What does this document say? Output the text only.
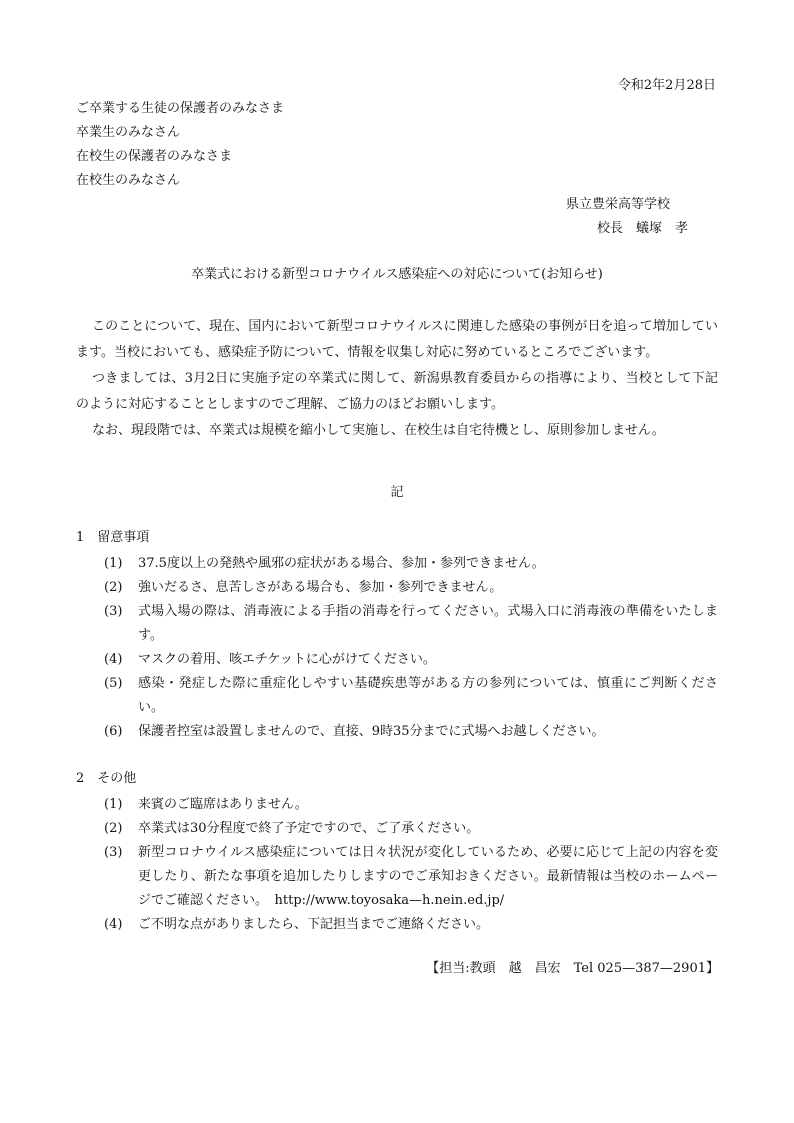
令和2年2月28日
ご卒業する生徒の保護者のみなさま
卒業生のみなさん
在校生の保護者のみなさま
在校生のみなさん
県立豊栄高等学校
校長　蟻塚　孝
卒業式における新型コロナウイルス感染症への対応について(お知らせ)
このことについて、現在、国内において新型コロナウイルスに関連した感染の事例が日を追って増加しています。当校においても、感染症予防について、情報を収集し対応に努めているところでございます。
つきましては、3月2日に実施予定の卒業式に関して、新潟県教育委員からの指導により、当校として下記のように対応することとしますのでご理解、ご協力のほどお願いします。
なお、現段階では、卒業式は規模を縮小して実施し、在校生は自宅待機とし、原則参加しません。
記
1　留意事項
(1) 37.5度以上の発熱や風邪の症状がある場合、参加・参列できません。
(2) 強いだるさ、息苦しさがある場合も、参加・参列できません。
(3) 式場入場の際は、消毒液による手指の消毒を行ってください。式場入口に消毒液の準備をいたします。
(4) マスクの着用、咳エチケットに心がけてください。
(5) 感染・発症した際に重症化しやすい基礎疾患等がある方の参列については、慎重にご判断ください。
(6) 保護者控室は設置しませんので、直接、9時35分までに式場へお越しください。
2　その他
(1) 来賓のご臨席はありません。
(2) 卒業式は30分程度で終了予定ですので、ご了承ください。
(3) 新型コロナウイルス感染症については日々状況が変化しているため、必要に応じて上記の内容を変更したり、新たな事項を追加したりしますのでご承知おきください。最新情報は当校のホームページでご確認ください。　http://www.toyosaka—h.nein.ed.jp/
(4) ご不明な点がありましたら、下記担当までご連絡ください。
【担当:教頭　越　昌宏　Tel 025—387—2901】
